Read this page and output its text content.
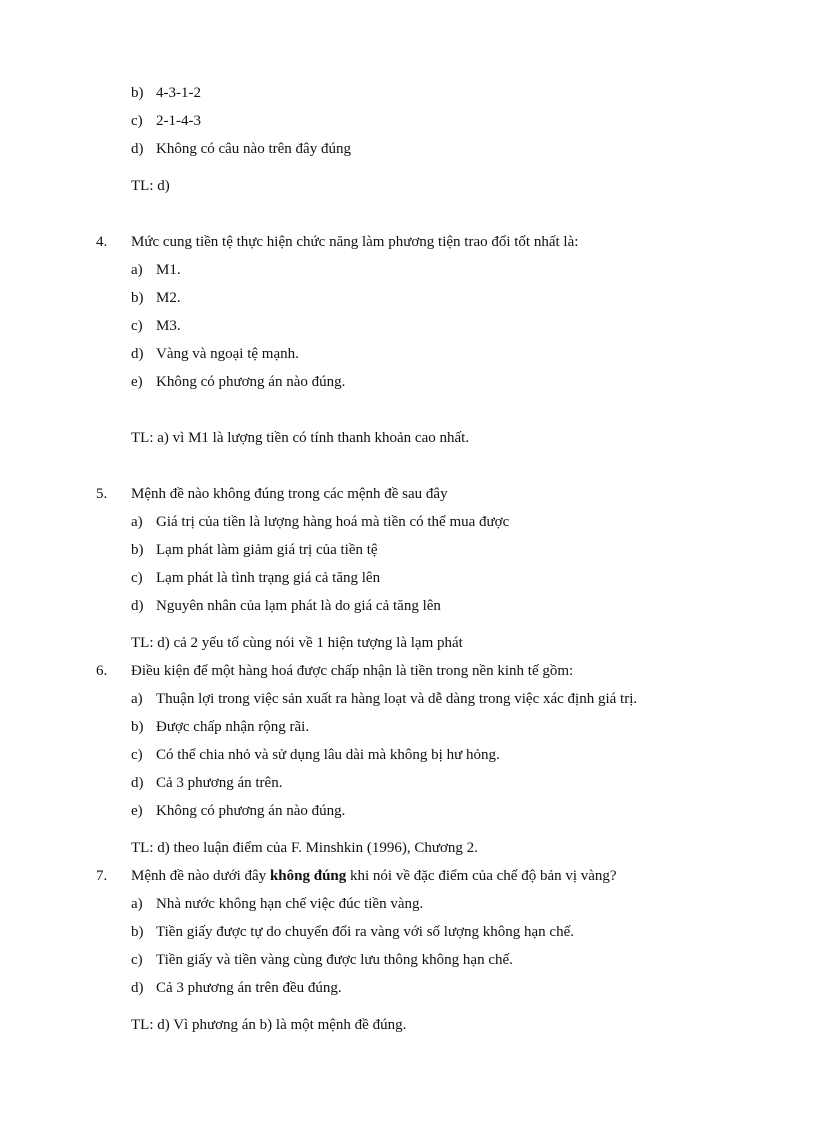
b) 4-3-1-2
c) 2-1-4-3
d) Không có câu nào trên đây đúng
TL: d)
4. Mức cung tiền tệ thực hiện chức năng làm phương tiện trao đổi tốt nhất là:
a) M1.
b) M2.
c) M3.
d) Vàng và ngoại tệ mạnh.
e) Không có phương án nào đúng.
TL: a) vì M1 là lượng tiền có tính thanh khoản cao nhất.
5. Mệnh đề nào không đúng trong các mệnh đề sau đây
a) Giá trị của tiền là lượng hàng hoá mà tiền có thể mua được
b) Lạm phát làm giảm giá trị của tiền tệ
c) Lạm phát là tình trạng giá cả tăng lên
d) Nguyên nhân của lạm phát là do giá cả tăng lên
TL: d) cả 2 yếu tố cùng nói về 1 hiện tượng là lạm phát
6. Điều kiện để một hàng hoá được chấp nhận là tiền trong nền kinh tế gồm:
a) Thuận lợi trong việc sản xuất ra hàng loạt và dễ dàng trong việc xác định giá trị.
b) Được chấp nhận rộng rãi.
c) Có thể chia nhỏ và sử dụng lâu dài mà không bị hư hỏng.
d) Cả 3 phương án trên.
e) Không có phương án nào đúng.
TL: d) theo luận điểm của F. Minshkin (1996), Chương 2.
7. Mệnh đề nào dưới đây không đúng khi nói về đặc điểm của chế độ bản vị vàng?
a) Nhà nước không hạn chế việc đúc tiền vàng.
b) Tiền giấy được tự do chuyển đổi ra vàng với số lượng không hạn chế.
c) Tiền giấy và tiền vàng cùng được lưu thông không hạn chế.
d) Cả 3 phương án trên đều đúng.
TL: d) Vì phương án b) là một mệnh đề đúng.
